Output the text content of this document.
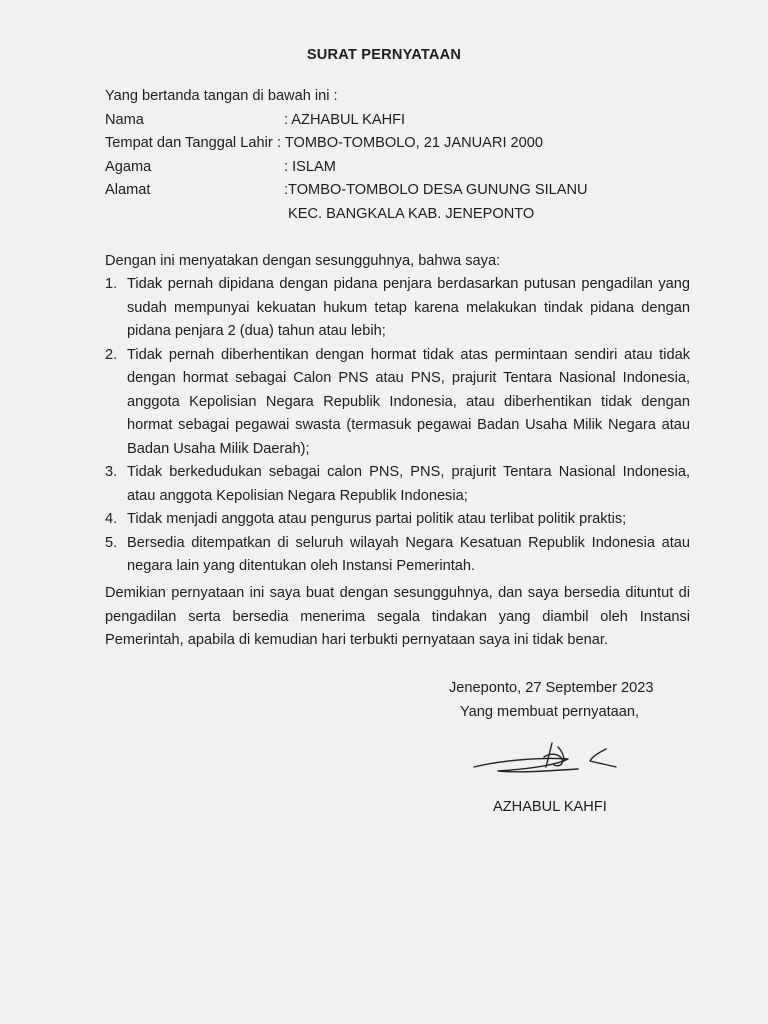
SURAT PERNYATAAN
Yang bertanda tangan di bawah ini :
Nama	: AZHABUL KAHFI
Tempat dan Tanggal Lahir : TOMBO-TOMBOLO, 21 JANUARI 2000
Agama	: ISLAM
Alamat	:TOMBO-TOMBOLO DESA GUNUNG SILANU
KEC. BANGKALA KAB. JENEPONTO
Dengan ini menyatakan dengan sesungguhnya, bahwa saya:
1. Tidak pernah dipidana dengan pidana penjara berdasarkan putusan pengadilan yang sudah mempunyai kekuatan hukum tetap karena melakukan tindak pidana dengan pidana penjara 2 (dua) tahun atau lebih;
2. Tidak pernah diberhentikan dengan hormat tidak atas permintaan sendiri atau tidak dengan hormat sebagai Calon PNS atau PNS, prajurit Tentara Nasional Indonesia, anggota Kepolisian Negara Republik Indonesia, atau diberhentikan tidak dengan hormat sebagai pegawai swasta (termasuk pegawai Badan Usaha Milik Negara atau Badan Usaha Milik Daerah);
3. Tidak berkedudukan sebagai calon PNS, PNS, prajurit Tentara Nasional Indonesia, atau anggota Kepolisian Negara Republik Indonesia;
4. Tidak menjadi anggota atau pengurus partai politik atau terlibat politik praktis;
5. Bersedia ditempatkan di seluruh wilayah Negara Kesatuan Republik Indonesia atau negara lain yang ditentukan oleh Instansi Pemerintah.
Demikian pernyataan ini saya buat dengan sesungguhnya, dan saya bersedia dituntut di pengadilan serta bersedia menerima segala tindakan yang diambil oleh Instansi Pemerintah, apabila di kemudian hari terbukti pernyataan saya ini tidak benar.
Jeneponto, 27 September 2023
Yang membuat pernyataan,
AZHABUL KAHFI
